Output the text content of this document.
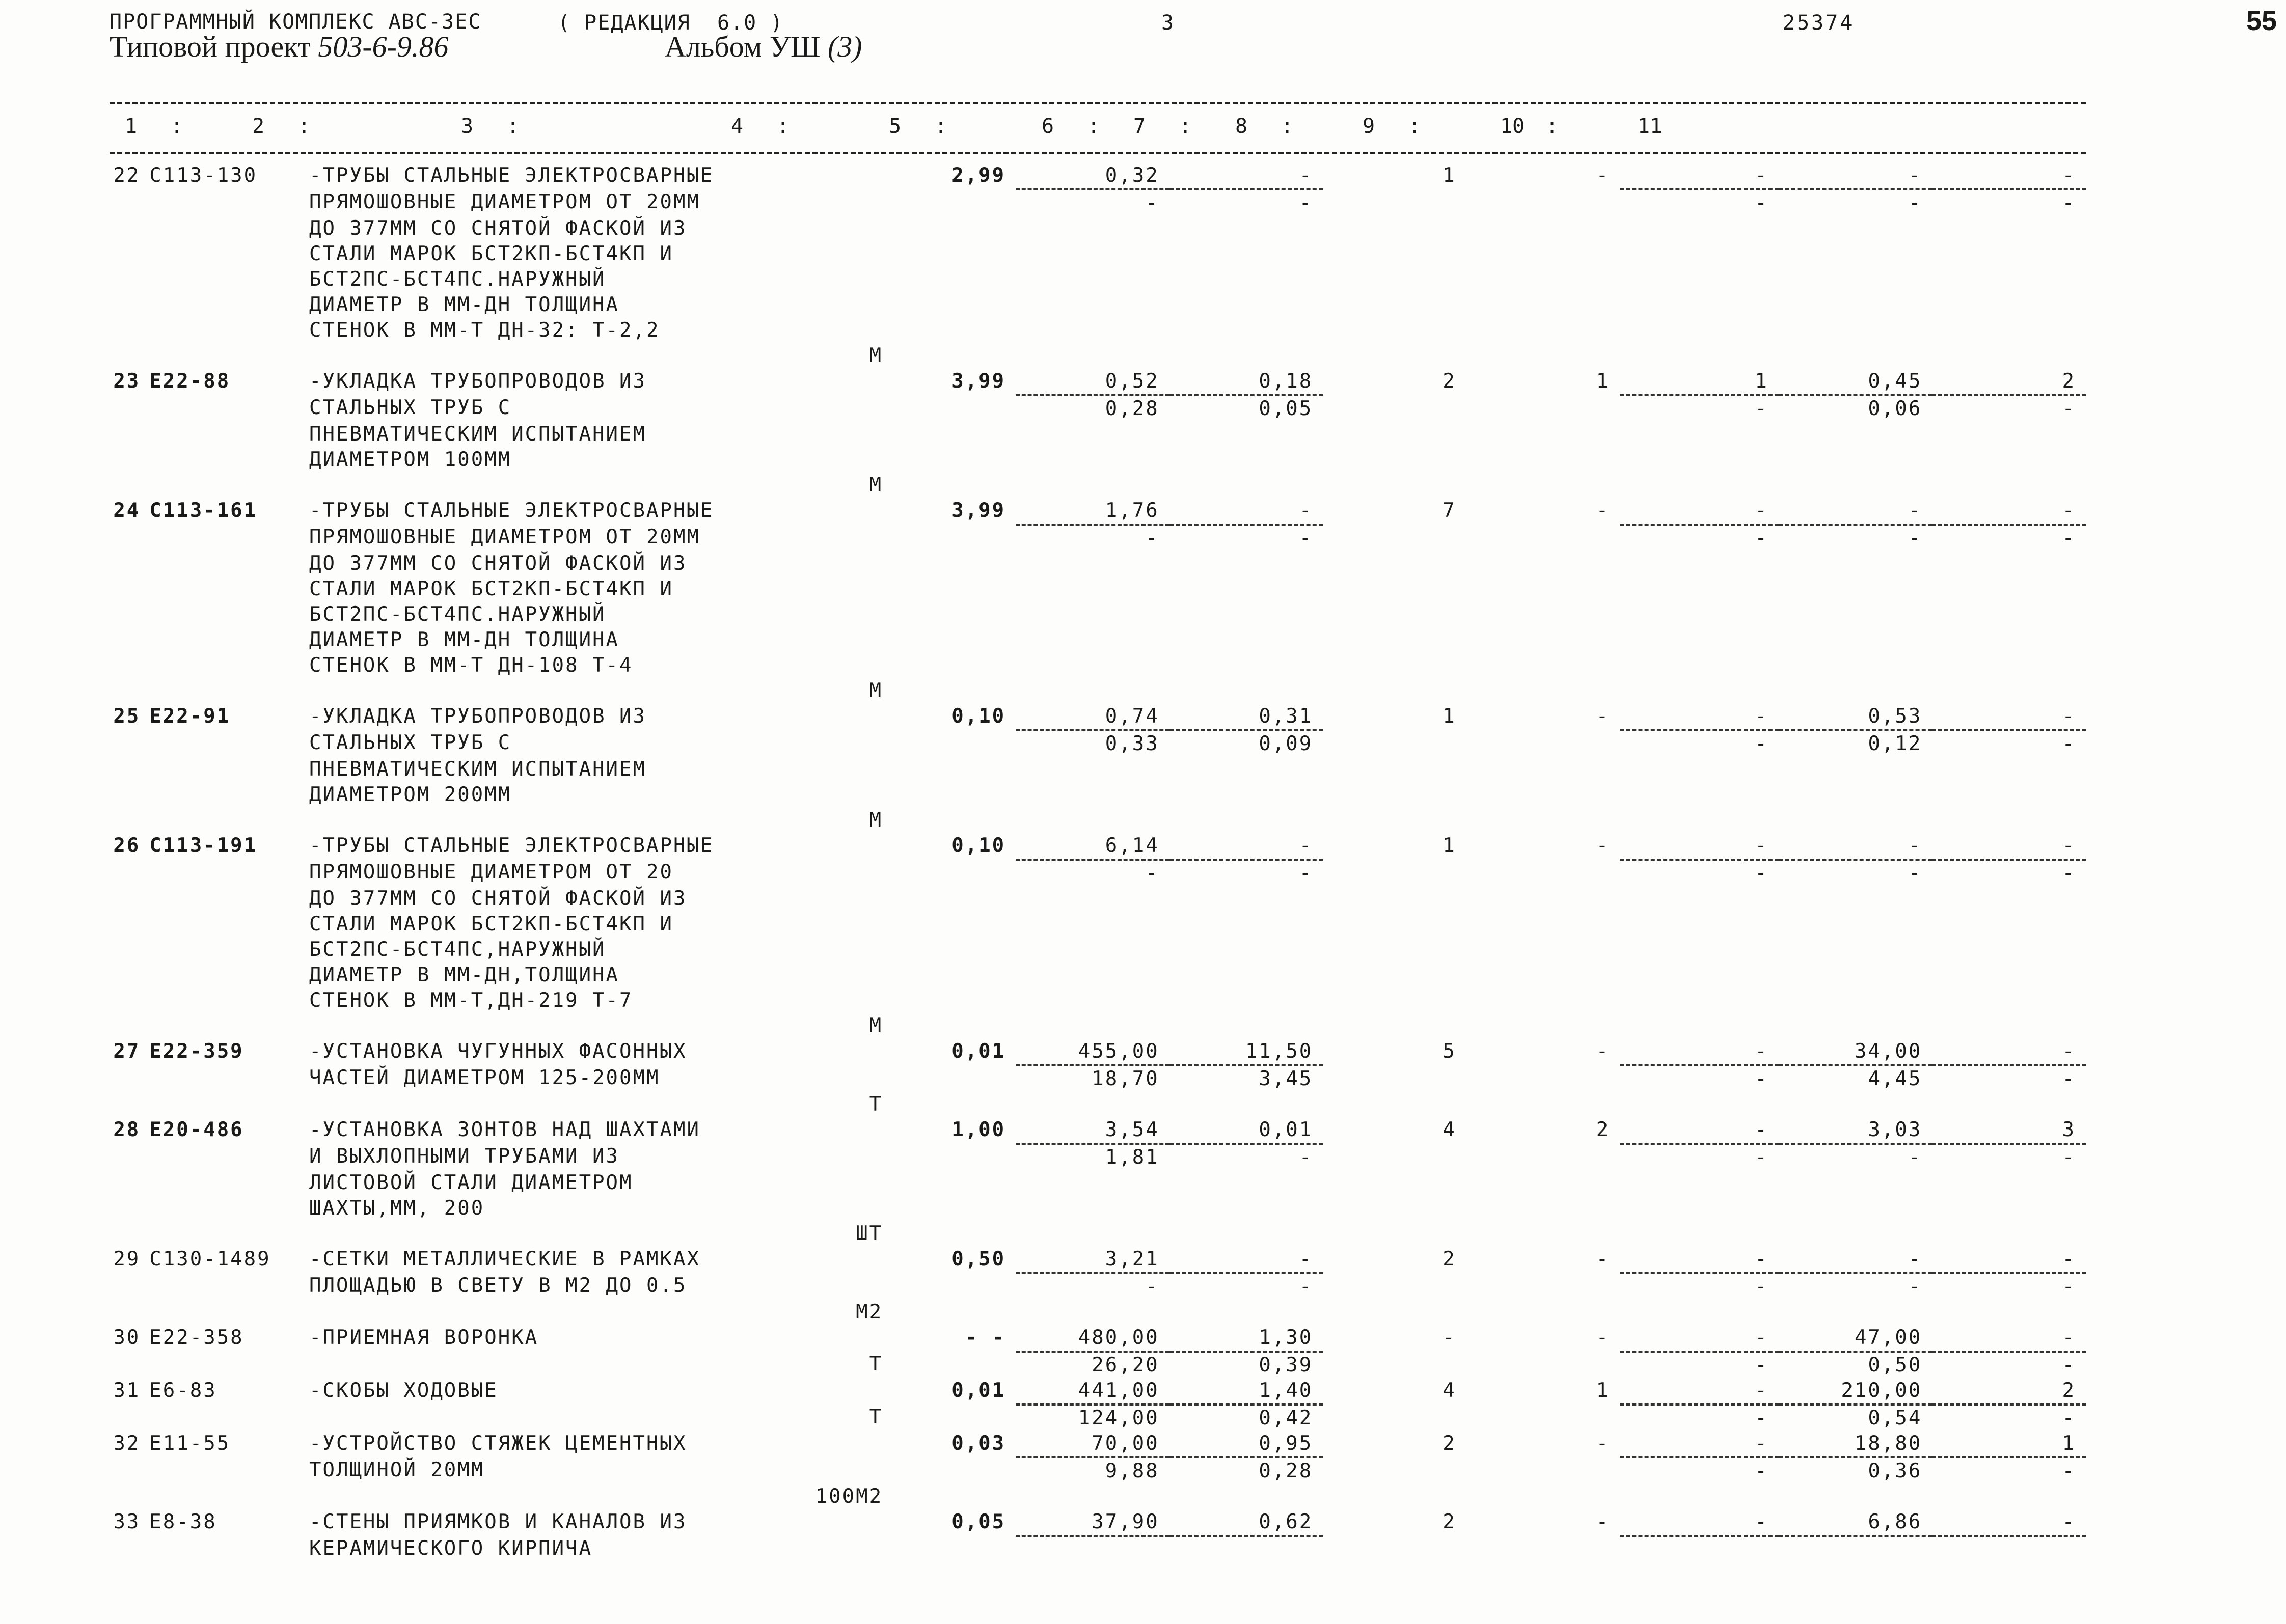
ПРОГРАММНЫЙ КОМПЛЕКС АВС-3ЕС	( РЕДАКЦИЯ  6.0 )	3	25374	55
Типовой проект 503-6-9.86	Альбом УШ (3)
1 :	2 :	3 :	4 :	5 :	6 : 7 : 8 :	9 :	10 :	11
22	С113-130	-ТРУБЫ СТАЛЬНЫЕ ЭЛЕКТРОСВАРНЫЕ	2,99	0,32	-	1	-	-	-	-
		ПРЯМОШОВНЫЕ ДИАМЕТРОМ ОТ 20ММ		-	-			-	-	-
		ДО 377ММ СО СНЯТОЙ ФАСКОЙ ИЗ								
		СТАЛИ МАРОК БСТ2КП-БСТ4КП И								
		БСТ2ПС-БСТ4ПС.НАРУЖНЫЙ								
		ДИАМЕТР В ММ-ДН ТОЛЩИНА								
		СТЕНОК В ММ-Т ДН-32: Т-2,2								
		М								
23	Е22-88	-УКЛАДКА ТРУБОПРОВОДОВ ИЗ	3,99	0,52	0,18	2	1	1	0,45	2
		СТАЛЬНЫХ ТРУБ С		0,28	0,05			-	0,06	-
		ПНЕВМАТИЧЕСКИМ ИСПЫТАНИЕМ								
		ДИАМЕТРОМ 100ММ								
		М								
24	С113-161	-ТРУБЫ СТАЛЬНЫЕ ЭЛЕКТРОСВАРНЫЕ	3,99	1,76	-	7	-	-	-	-
		ПРЯМОШОВНЫЕ ДИАМЕТРОМ ОТ 20ММ		-	-			-	-	-
		ДО 377ММ СО СНЯТОЙ ФАСКОЙ ИЗ								
		СТАЛИ МАРОК БСТ2КП-БСТ4КП И								
		БСТ2ПС-БСТ4ПС.НАРУЖНЫЙ								
		ДИАМЕТР В ММ-ДН ТОЛЩИНА								
		СТЕНОК В ММ-Т ДН-108 Т-4								
		М								
25	Е22-91	-УКЛАДКА ТРУБОПРОВОДОВ ИЗ	0,10	0,74	0,31	1	-	-	0,53	-
		СТАЛЬНЫХ ТРУБ С		0,33	0,09			-	0,12	-
		ПНЕВМАТИЧЕСКИМ ИСПЫТАНИЕМ								
		ДИАМЕТРОМ 200ММ								
		М								
26	С113-191	-ТРУБЫ СТАЛЬНЫЕ ЭЛЕКТРОСВАРНЫЕ	0,10	6,14	-	1	-	-	-	-
		ПРЯМОШОВНЫЕ ДИАМЕТРОМ ОТ 20		-	-			-	-	-
		ДО 377ММ СО СНЯТОЙ ФАСКОЙ ИЗ								
		СТАЛИ МАРОК БСТ2КП-БСТ4КП И								
		БСТ2ПС-БСТ4ПС,НАРУЖНЫЙ								
		ДИАМЕТР В ММ-ДН,ТОЛЩИНА								
		СТЕНОК В ММ-Т,ДН-219 Т-7								
		М								
27	Е22-359	-УСТАНОВКА ЧУГУННЫХ ФАСОННЫХ	0,01	455,00	11,50	5	-	-	34,00	-
		ЧАСТЕЙ ДИАМЕТРОМ 125-200ММ		18,70	3,45			-	4,45	-
		Т								
28	Е20-486	-УСТАНОВКА ЗОНТОВ НАД ШАХТАМИ	1,00	3,54	0,01	4	2	-	3,03	3
		И ВЫХЛОПНЫМИ ТРУБАМИ ИЗ		1,81	-			-	-	-
		ЛИСТОВОЙ СТАЛИ ДИАМЕТРОМ								
		ШАХТЫ,ММ, 200								
		ШТ								
29	С130-1489	-СЕТКИ МЕТАЛЛИЧЕСКИЕ В РАМКАХ	0,50	3,21	-	2	-	-	-	-
		ПЛОЩАДЬЮ В СВЕТУ В М2 ДО 0.5		-	-			-	-	-
		М2								
30	Е22-358	-ПРИЕМНАЯ ВОРОНКА	- -	480,00	1,30	-	-	-	47,00	-
		Т		26,20	0,39			-	0,50	-
31	Е6-83	-СКОБЫ ХОДОВЫЕ	0,01	441,00	1,40	4	1	-	210,00	2
		Т		124,00	0,42			-	0,54	-
32	Е11-55	-УСТРОЙСТВО СТЯЖЕК ЦЕМЕНТНЫХ	0,03	70,00	0,95	2	-	-	18,80	1
		ТОЛЩИНОЙ 20ММ		9,88	0,28			-	0,36	-
		100М2								
33	Е8-38	-СТЕНЫ ПРИЯМКОВ И КАНАЛОВ ИЗ	0,05	37,90	0,62	2	-	-	6,86	-
		КЕРАМИЧЕСКОГО КИРПИЧА								
